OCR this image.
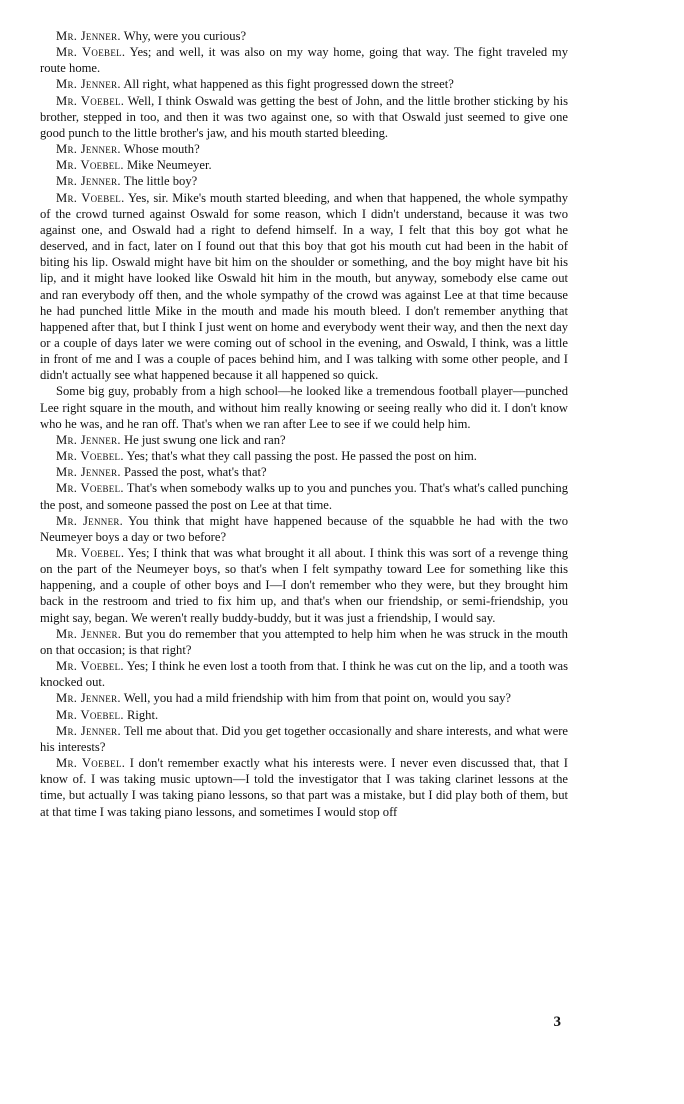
Mr. Jenner. Why, were you curious?

Mr. Voebel. Yes; and well, it was also on my way home, going that way. The fight traveled my route home.

Mr. Jenner. All right, what happened as this fight progressed down the street?

Mr. Voebel. Well, I think Oswald was getting the best of John, and the little brother sticking by his brother, stepped in too, and then it was two against one, so with that Oswald just seemed to give one good punch to the little brother's jaw, and his mouth started bleeding.

Mr. Jenner. Whose mouth?

Mr. Voebel. Mike Neumeyer.

Mr. Jenner. The little boy?

Mr. Voebel. Yes, sir. Mike's mouth started bleeding, and when that happened, the whole sympathy of the crowd turned against Oswald for some reason, which I didn't understand, because it was two against one, and Oswald had a right to defend himself. In a way, I felt that this boy got what he deserved, and in fact, later on I found out that this boy that got his mouth cut had been in the habit of biting his lip. Oswald might have bit him on the shoulder or something, and the boy might have bit his lip, and it might have looked like Oswald hit him in the mouth, but anyway, somebody else came out and ran everybody off then, and the whole sympathy of the crowd was against Lee at that time because he had punched little Mike in the mouth and made his mouth bleed. I don't remember anything that happened after that, but I think I just went on home and everybody went their way, and then the next day or a couple of days later we were coming out of school in the evening, and Oswald, I think, was a little in front of me and I was a couple of paces behind him, and I was talking with some other people, and I didn't actually see what happened because it all happened so quick.

Some big guy, probably from a high school—he looked like a tremendous football player—punched Lee right square in the mouth, and without him really knowing or seeing really who did it. I don't know who he was, and he ran off. That's when we ran after Lee to see if we could help him.

Mr. Jenner. He just swung one lick and ran?

Mr. Voebel. Yes; that's what they call passing the post. He passed the post on him.

Mr. Jenner. Passed the post, what's that?

Mr. Voebel. That's when somebody walks up to you and punches you. That's what's called punching the post, and someone passed the post on Lee at that time.

Mr. Jenner. You think that might have happened because of the squabble he had with the two Neumeyer boys a day or two before?

Mr. Voebel. Yes; I think that was what brought it all about. I think this was sort of a revenge thing on the part of the Neumeyer boys, so that's when I felt sympathy toward Lee for something like this happening, and a couple of other boys and I—I don't remember who they were, but they brought him back in the restroom and tried to fix him up, and that's when our friendship, or semi-friendship, you might say, began. We weren't really buddy-buddy, but it was just a friendship, I would say.

Mr. Jenner. But you do remember that you attempted to help him when he was struck in the mouth on that occasion; is that right?

Mr. Voebel. Yes; I think he even lost a tooth from that. I think he was cut on the lip, and a tooth was knocked out.

Mr. Jenner. Well, you had a mild friendship with him from that point on, would you say?

Mr. Voebel. Right.

Mr. Jenner. Tell me about that. Did you get together occasionally and share interests, and what were his interests?

Mr. Voebel. I don't remember exactly what his interests were. I never even discussed that, that I know of. I was taking music uptown—I told the investigator that I was taking clarinet lessons at the time, but actually I was taking piano lessons, so that part was a mistake, but I did play both of them, but at that time I was taking piano lessons, and sometimes I would stop off

3
